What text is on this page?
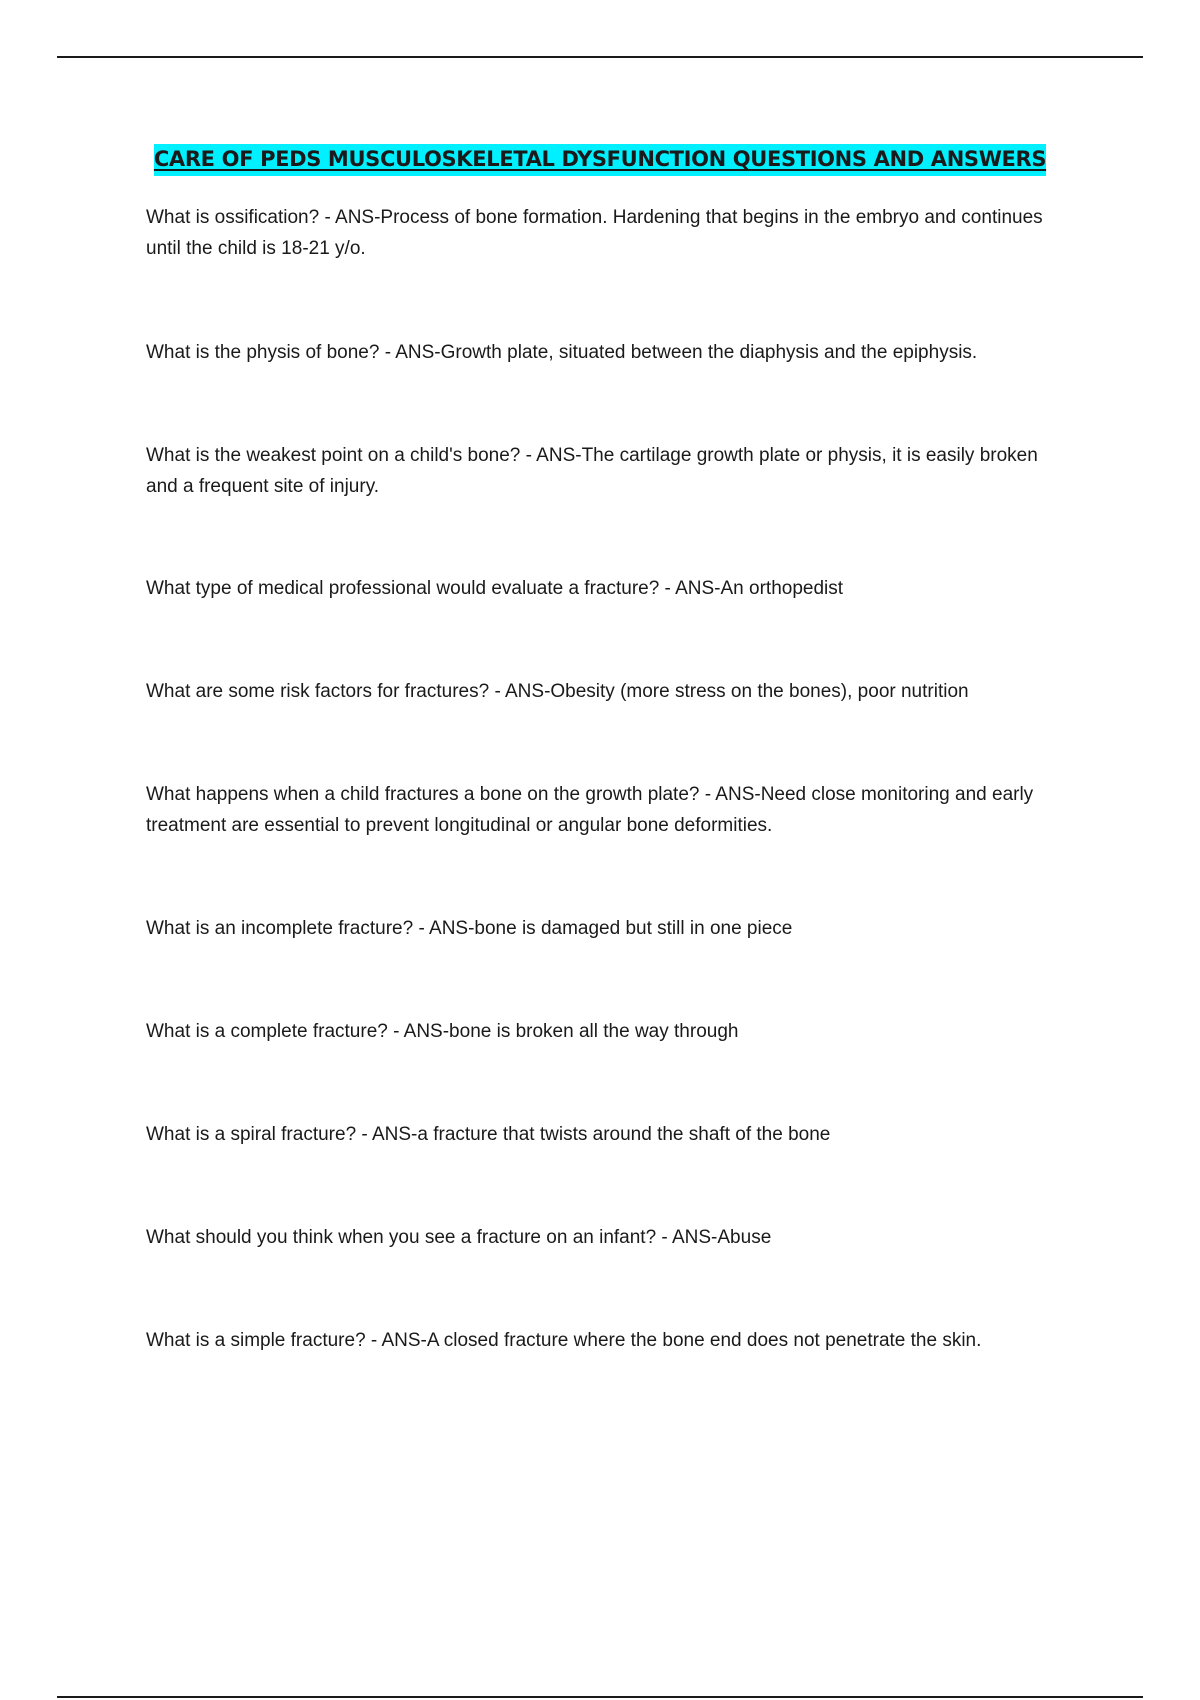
CARE OF PEDS MUSCULOSKELETAL DYSFUNCTION QUESTIONS AND ANSWERS

What is ossification? - ANS-Process of bone formation. Hardening that begins in the embryo and continues until the child is 18-21 y/o.

What is the physis of bone? - ANS-Growth plate, situated between the diaphysis and the epiphysis.

What is the weakest point on a child's bone? - ANS-The cartilage growth plate or physis, it is easily broken and a frequent site of injury.

What type of medical professional would evaluate a fracture? - ANS-An orthopedist

What are some risk factors for fractures? - ANS-Obesity (more stress on the bones), poor nutrition

What happens when a child fractures a bone on the growth plate? - ANS-Need close monitoring and early treatment are essential to prevent longitudinal or angular bone deformities.

What is an incomplete fracture? - ANS-bone is damaged but still in one piece

What is a complete fracture? - ANS-bone is broken all the way through

What is a spiral fracture? - ANS-a fracture that twists around the shaft of the bone

What should you think when you see a fracture on an infant? - ANS-Abuse

What is a simple fracture? - ANS-A closed fracture where the bone end does not penetrate the skin.
